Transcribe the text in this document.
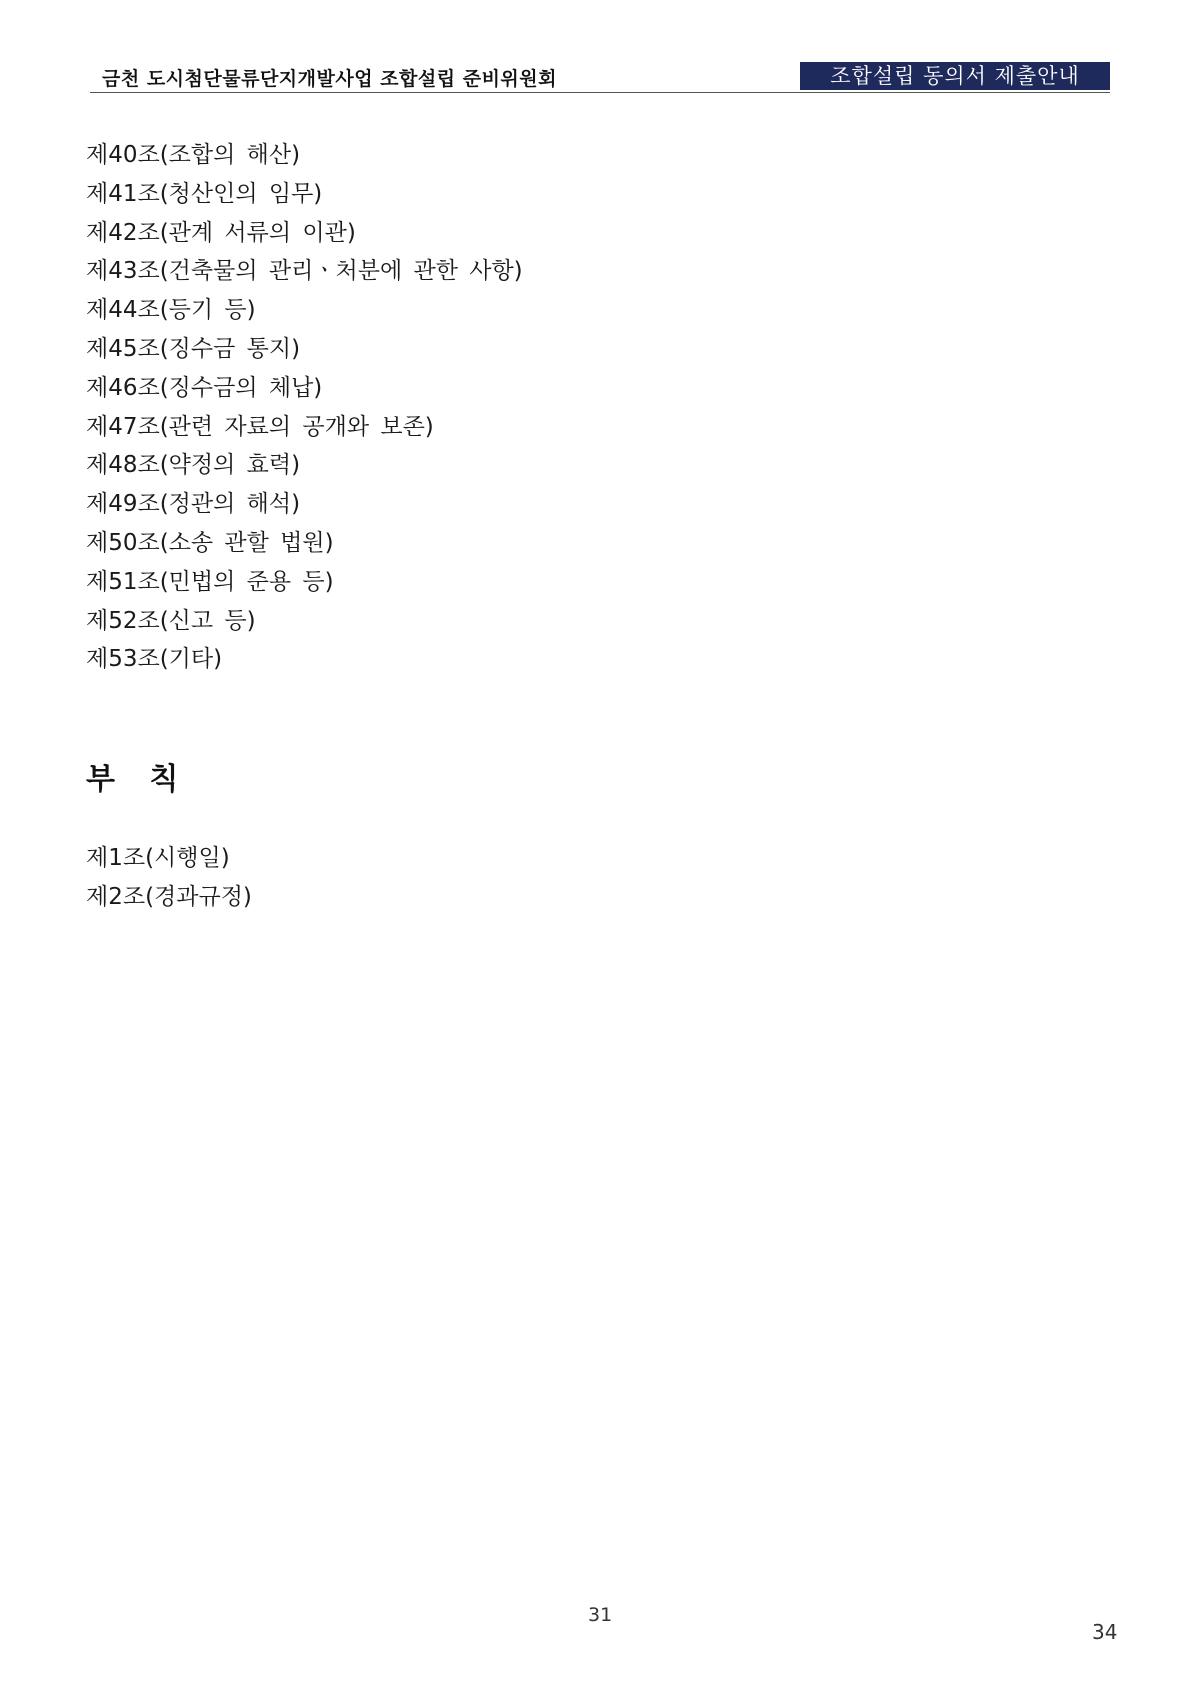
금천 도시첨단물류단지개발사업 조합설립 준비위원회	조합설립 동의서 제출안내
제40조(조합의 해산)
제41조(청산인의 임무)
제42조(관계 서류의 이관)
제43조(건축물의 관리ㆍ처분에 관한 사항)
제44조(등기 등)
제45조(징수금 통지)
제46조(징수금의 체납)
제47조(관련 자료의 공개와 보존)
제48조(약정의 효력)
제49조(정관의 해석)
제50조(소송 관할 법원)
제51조(민법의 준용 등)
제52조(신고 등)
제53조(기타)
부 칙
제1조(시행일)
제2조(경과규정)
31
34
